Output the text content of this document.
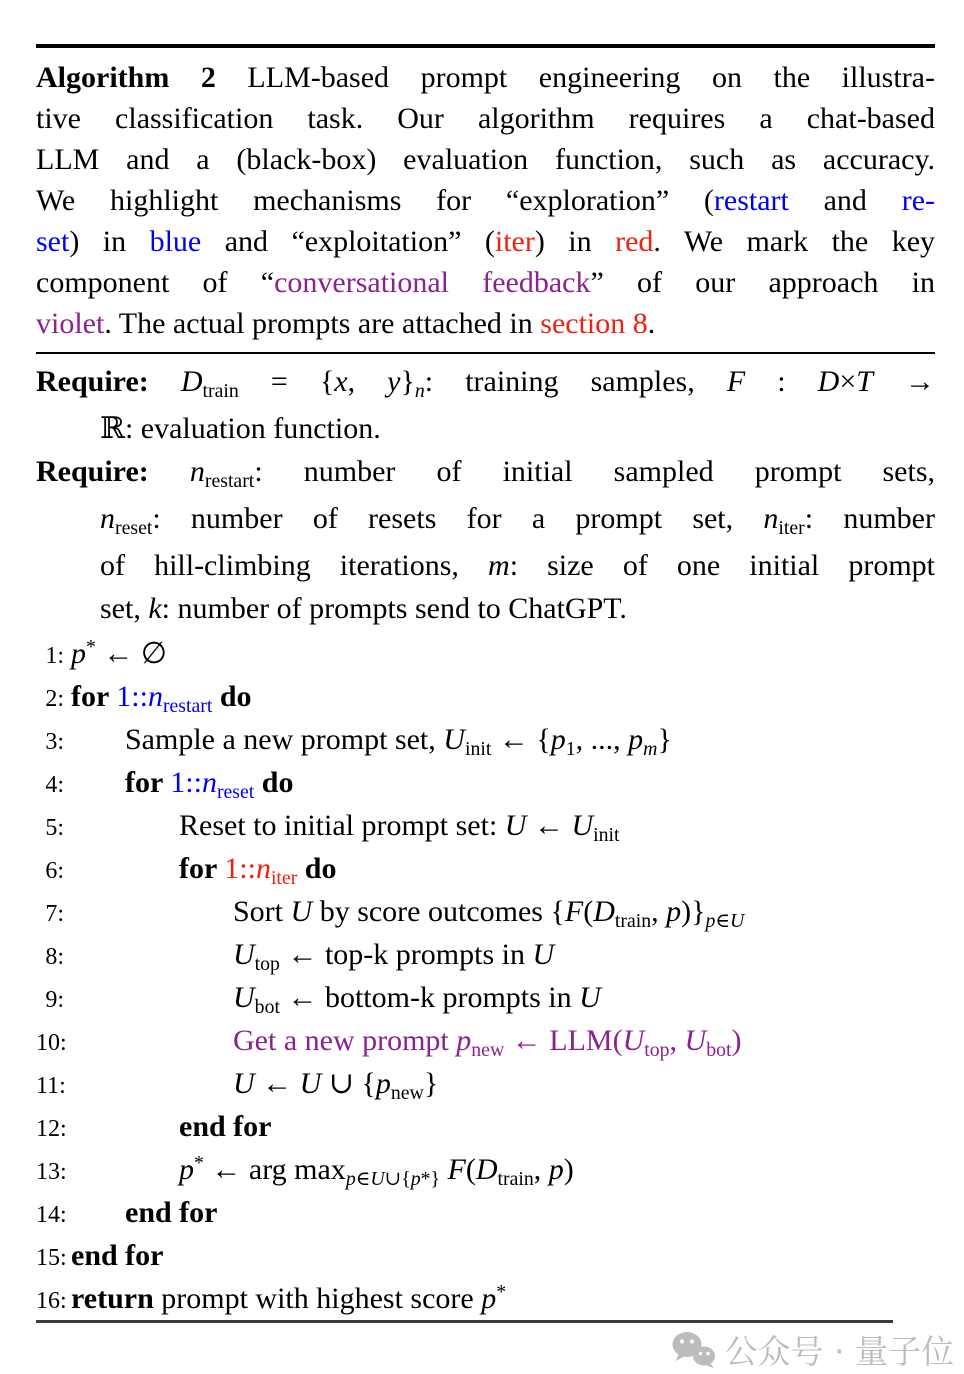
Algorithm 2 LLM-based prompt engineering on the illustra-
tive classification task. Our algorithm requires a chat-based
LLM and a (black-box) evaluation function, such as accuracy.
We highlight mechanisms for “exploration” (restart and re-
set) in blue and “exploitation” (iter) in red. We mark the key
component of “conversational feedback” of our approach in
violet. The actual prompts are attached in section 8.
Require: Dtrain = {x, y}n: training samples, F : D×T →
ℝ: evaluation function.
Require: nrestart: number of initial sampled prompt sets,
nreset: number of resets for a prompt set, niter: number
of hill-climbing iterations, m: size of one initial prompt
set, k: number of prompts send to ChatGPT.
1: p* ← ∅
2: for 1::nrestart do
3: Sample a new prompt set, Uinit ← {p1, ..., pm}
4: for 1::nreset do
5:	Reset to initial prompt set: U ← Uinit
6:	for 1::niter do
7:	Sort U by score outcomes {F(Dtrain, p)}p∈U
8:	Utop ← top-k prompts in U
9:	Ubot ← bottom-k prompts in U
10:	Get a new prompt pnew ← LLM(Utop, Ubot)
11:	U ← U ∪ {pnew}
12:	end for
13:	p* ← arg maxp∈U∪{p*} F(Dtrain, p)
14: end for
15: end for
16: return prompt with highest score p*
公众号 · 量子位
